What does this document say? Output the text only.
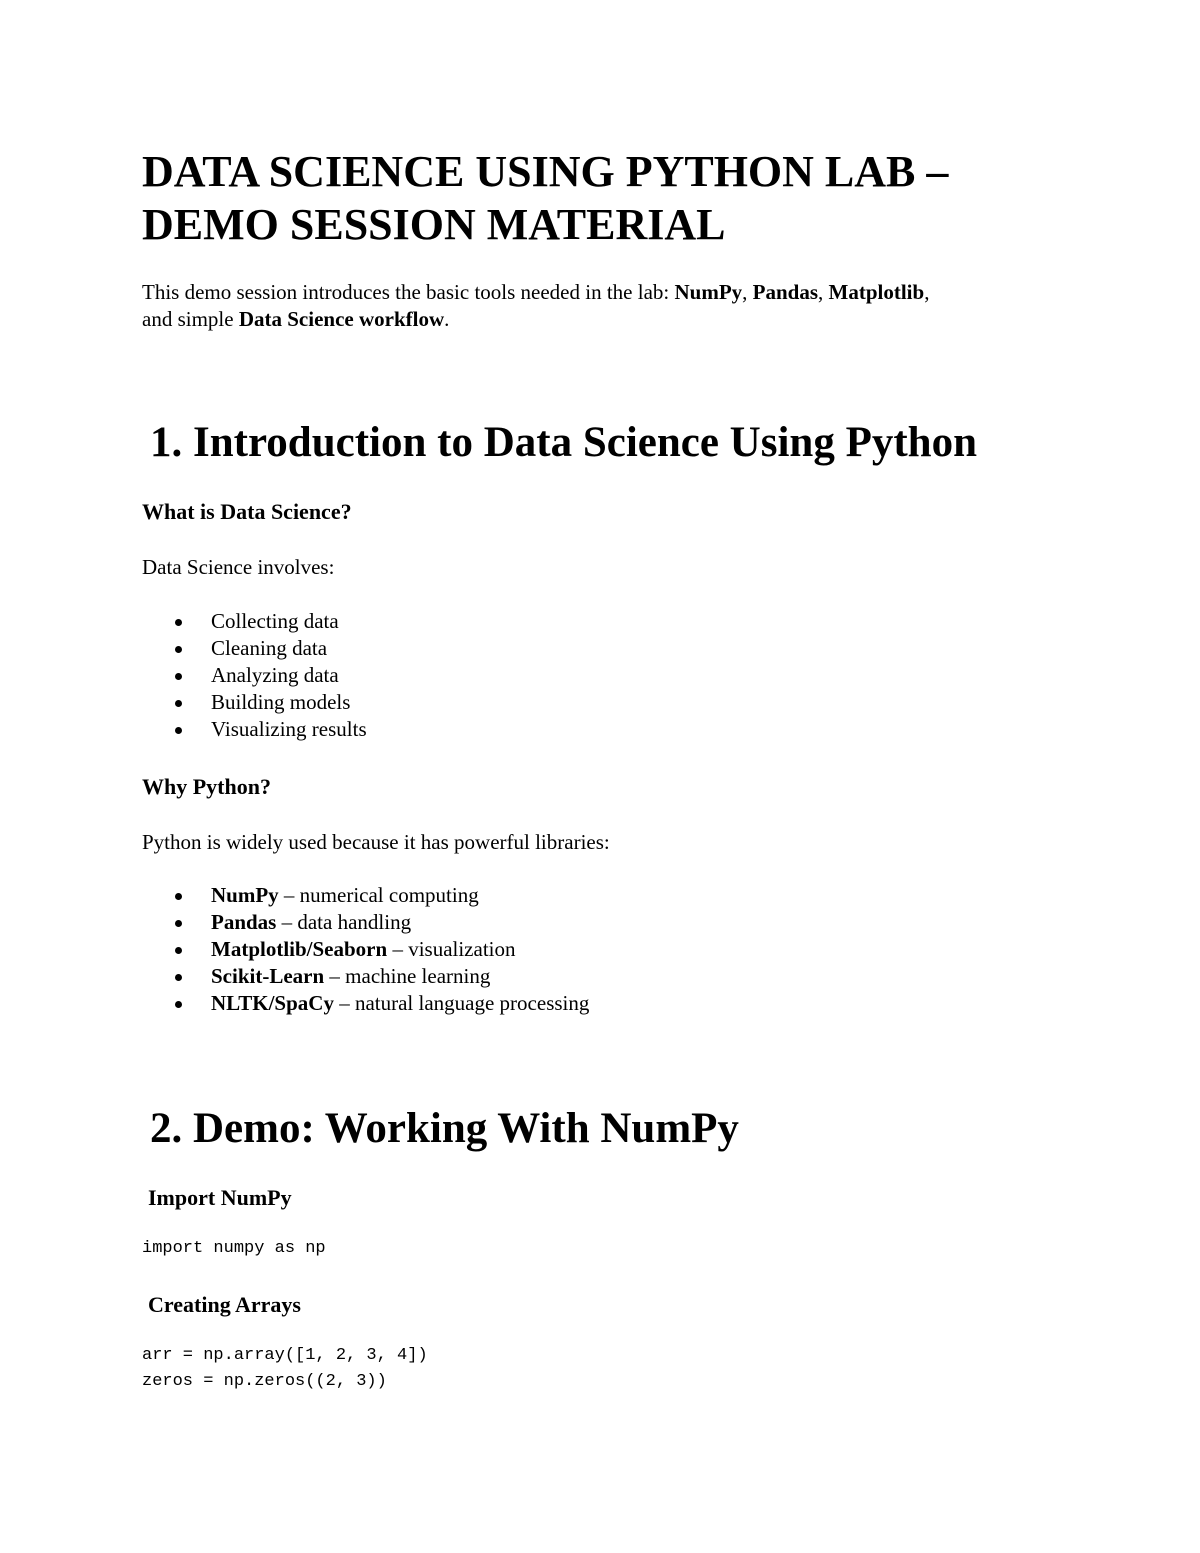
DATA SCIENCE USING PYTHON LAB –
DEMO SESSION MATERIAL

This demo session introduces the basic tools needed in the lab: NumPy, Pandas, Matplotlib,
and simple Data Science workflow.

1. Introduction to Data Science Using Python
What is Data Science?

Data Science involves:

Collecting data
Cleaning data
Analyzing data
Building models
Visualizing results
Why Python?

Python is widely used because it has powerful libraries:

NumPy – numerical computing
Pandas – data handling
Matplotlib/Seaborn – visualization
Scikit-Learn – machine learning
NLTK/SpaCy – natural language processing
2. Demo: Working With NumPy
Import NumPy
import numpy as np
Creating Arrays
arr = np.array([1, 2, 3, 4])
zeros = np.zeros((2, 3))
